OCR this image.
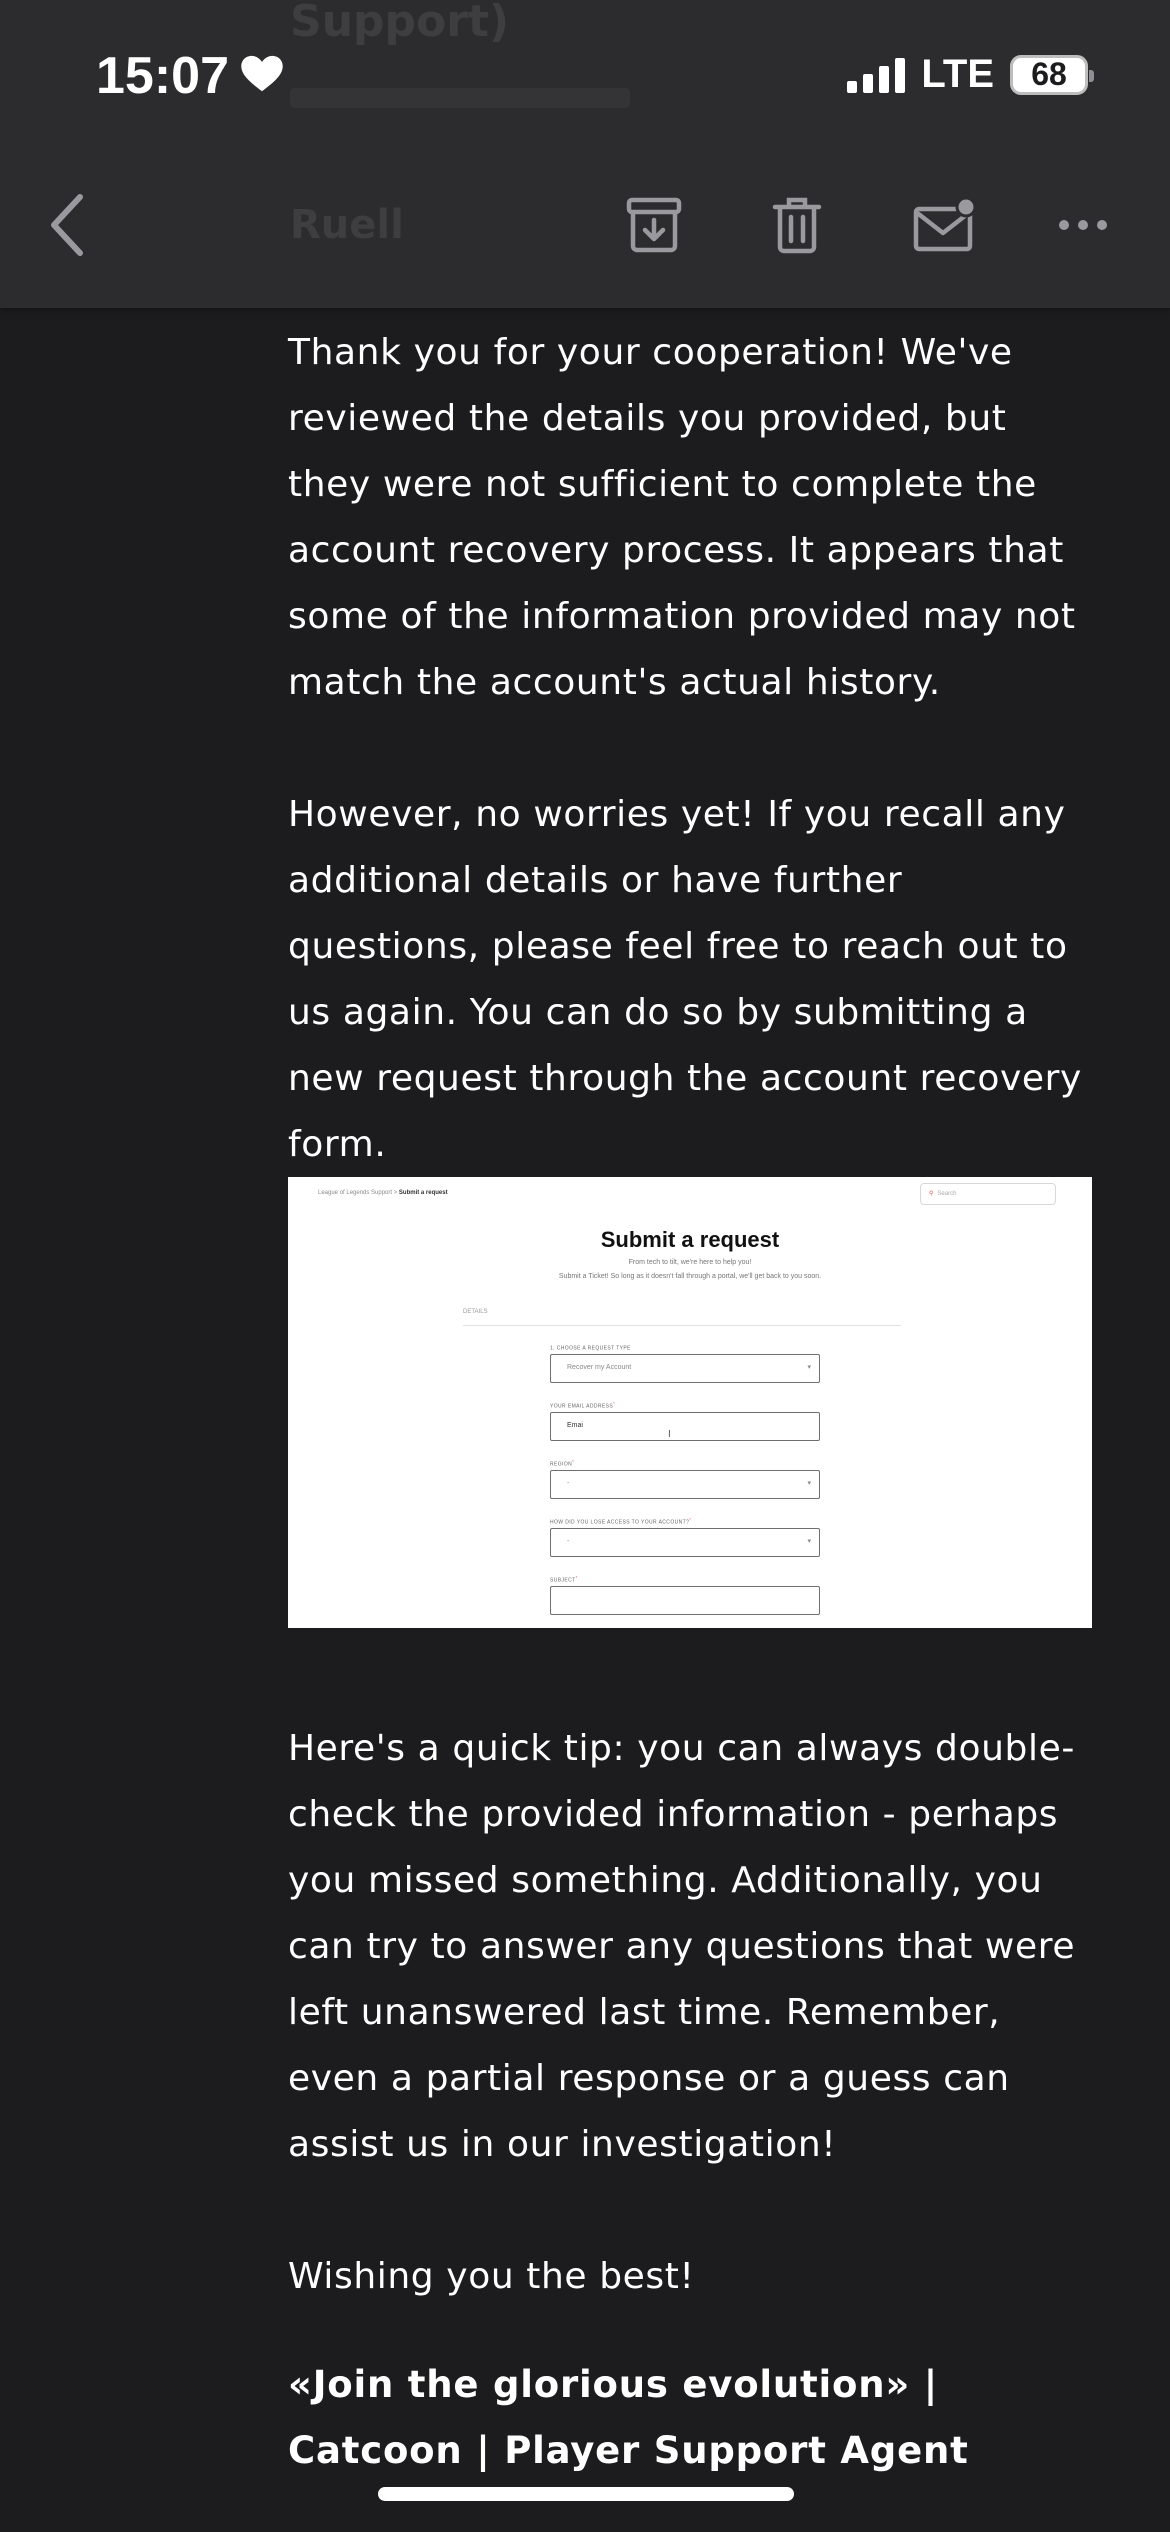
Support)
15:07	LTE 68
Ruell
Thank you for your cooperation! We've
reviewed the details you provided, but
they were not sufficient to complete the
account recovery process. It appears that
some of the information provided may not
match the account's actual history.
However, no worries yet! If you recall any
additional details or have further
questions, please feel free to reach out to
us again. You can do so by submitting a
new request through the account recovery
form.
League of Legends Support > Submit a request	⚲ Search
Submit a request
From tech to tilt, we're here to help you!
Submit a Ticket! So long as it doesn't fall through a portal, we'll get back to you soon.
DETAILS
1. CHOOSE A REQUEST TYPE
Recover my Account	▾
YOUR EMAIL ADDRESS*
Emai
I
REGION*
-	▾
HOW DID YOU LOSE ACCESS TO YOUR ACCOUNT?*
-	▾
SUBJECT*
Here's a quick tip: you can always double-
check the provided information - perhaps
you missed something. Additionally, you
can try to answer any questions that were
left unanswered last time. Remember,
even a partial response or a guess can
assist us in our investigation!
Wishing you the best!
«Join the glorious evolution» |
Catcoon | Player Support Agent
